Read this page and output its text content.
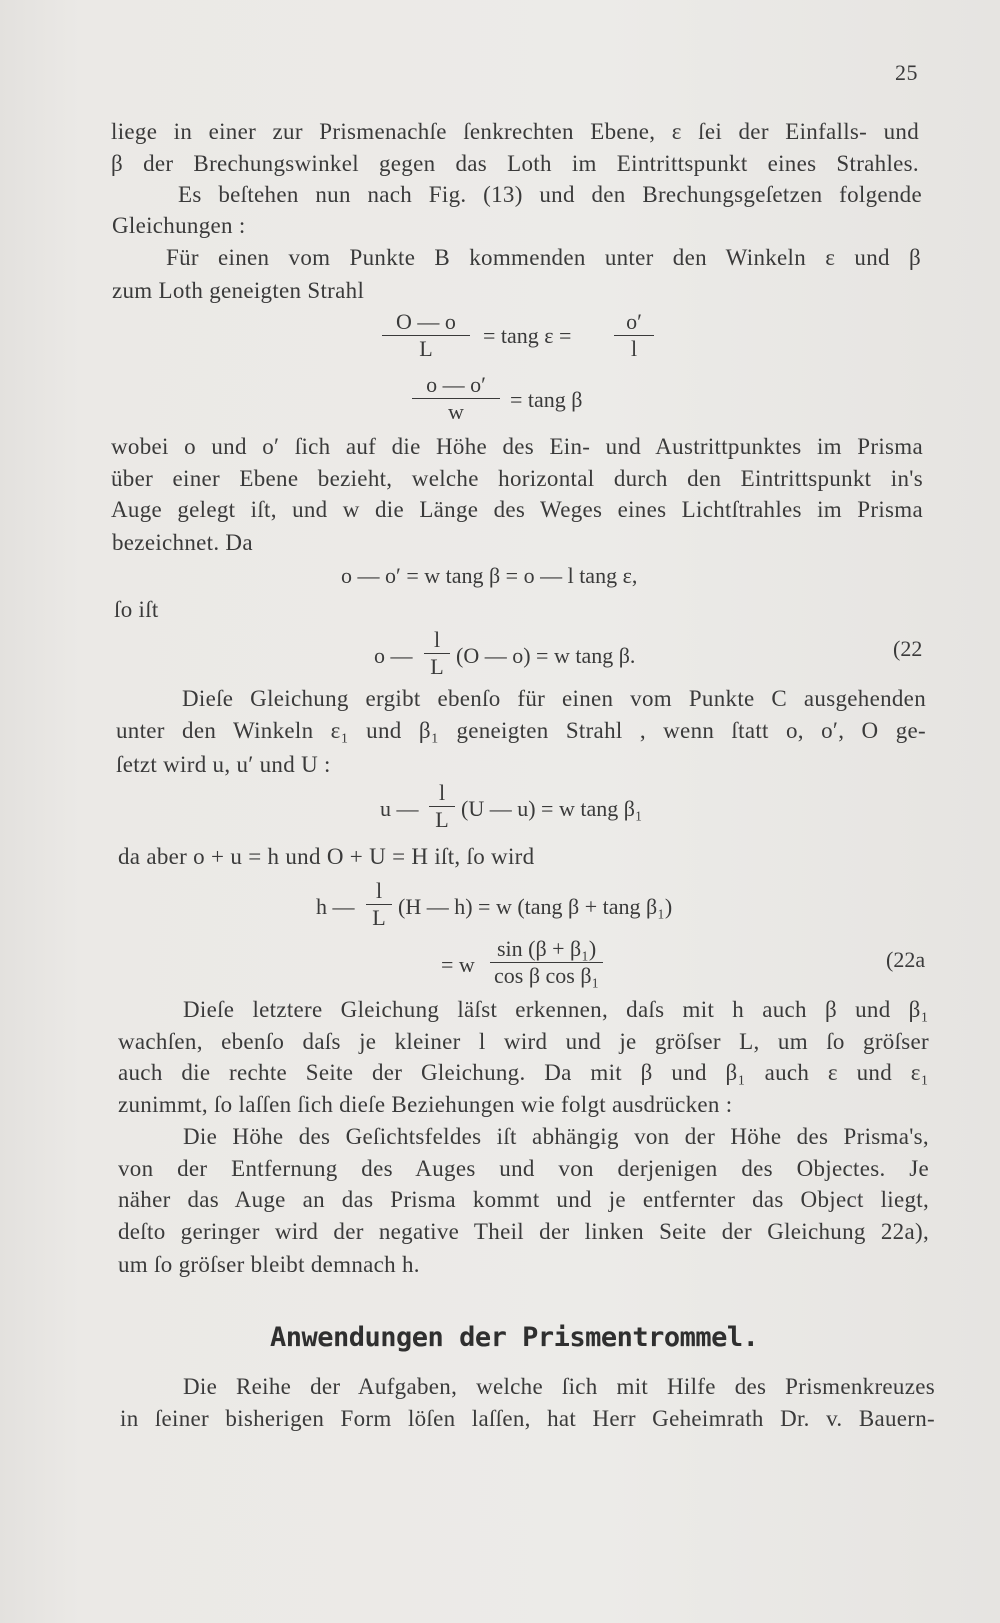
25
liege in einer zur Prismenachſe ſenkrechten Ebene, ε ſei der Einfalls- und
β der Brechungswinkel gegen das Loth im Eintrittspunkt eines Strahles.
Es beſtehen nun nach Fig. (13) und den Brechungsgeſetzen folgende
Gleichungen :
Für einen vom Punkte B kommenden unter den Winkeln ε und β
zum Loth geneigten Strahl
$\frac{O — o}{L} = \tan g$ $\varepsilon = \frac{o'}{l}$
$\frac{o — o'}{w} = \tan g$ β
wobei o und o′ ſich auf die Höhe des Ein- und Austrittpunktes im Prisma
über einer Ebene bezieht, welche horizontal durch den Eintrittspunkt in's
Auge gelegt iſt, und w die Länge des Weges eines Lichtſtrahles im Prisma
bezeichnet. Da
o — o′ = w tang β = o — l tang ε,
ſo iſt
o — $\frac{l}{L} (O$ — o) = w tang β.	(22
Dieſe Gleichung ergibt ebenſo für einen vom Punkte C ausgehenden
unter den Winkeln ε₁ und β₁ geneigten Strahl , wenn ſtatt o, o′, O ge-
ſetzt wird u, u′ und U :
u — $\frac{l}{L} (U$ — u) = w tang β₁
da aber o + u = h und O + U = H iſt, ſo wird
h — $\frac{l}{L} (H$ — h) = w (tang β + tang β₁)
= w $\frac{\text{sin (β + β₁)}}{\text{cos β cos β₁}}$	(22a
Dieſe letztere Gleichung läſst erkennen, daſs mit h auch β und β₁
wachſen, ebenſo daſs je kleiner l wird und je gröſser L, um ſo gröſser
auch die rechte Seite der Gleichung. Da mit β und β₁ auch ε und ε₁
zunimmt, ſo laſſen ſich dieſe Beziehungen wie folgt ausdrücken :
Die Höhe des Geſichtsfeldes iſt abhängig von der Höhe des Prisma's,
von der Entfernung des Auges und von derjenigen des Objectes. Je
näher das Auge an das Prisma kommt und je entfernter das Object liegt,
deſto geringer wird der negative Theil der linken Seite der Gleichung 22a),
um ſo gröſser bleibt demnach h.
Anwendungen der Prismentrommel.
Die Reihe der Aufgaben, welche ſich mit Hilfe des Prismenkreuzes
in ſeiner bisherigen Form löſen laſſen, hat Herr Geheimrath Dr. v. Bauern-
